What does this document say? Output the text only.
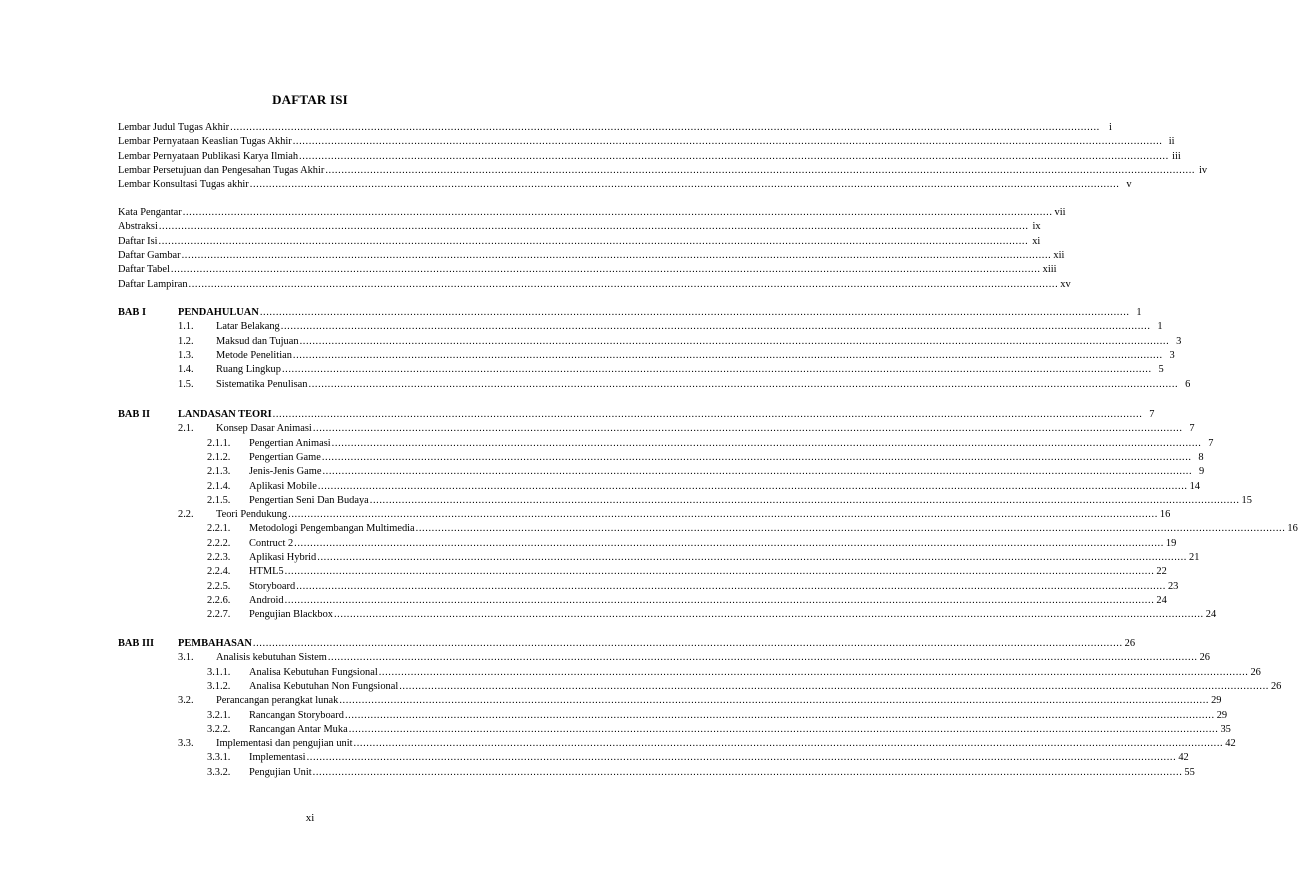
DAFTAR ISI
Lembar Judul Tugas Akhir ................................................................................................................................................................................................................................................................................ i
Lembar Pernyataan Keaslian Tugas Akhir ................................................................................................................................................................................................................................................................................ ii
Lembar Pernyataan Publikasi Karya Ilmiah ................................................................................................................................................................................................................................................................................ iii
Lembar Persetujuan dan Pengesahan Tugas Akhir ................................................................................................................................................................................................................................................................................ iv
Lembar Konsultasi Tugas akhir ................................................................................................................................................................................................................................................................................ v
Kata Pengantar ................................................................................................................................................................................................................................................................................ vii
Abstraksi ................................................................................................................................................................................................................................................................................ ix
Daftar Isi ................................................................................................................................................................................................................................................................................ xi
Daftar Gambar ................................................................................................................................................................................................................................................................................ xii
Daftar Tabel ................................................................................................................................................................................................................................................................................ xiii
Daftar Lampiran ................................................................................................................................................................................................................................................................................ xv
BAB I	PENDAHULUAN ................................................................................................................................................................................................................................................................................ 1
1.1. Latar Belakang ................................................................................................................................................................................................................................................................................ 1
1.2. Maksud dan Tujuan ................................................................................................................................................................................................................................................................................ 3
1.3. Metode Penelitian ................................................................................................................................................................................................................................................................................ 3
1.4. Ruang Lingkup ................................................................................................................................................................................................................................................................................ 5
1.5. Sistematika Penulisan ................................................................................................................................................................................................................................................................................ 6
BAB II	LANDASAN TEORI ................................................................................................................................................................................................................................................................................ 7
2.1. Konsep Dasar Animasi ................................................................................................................................................................................................................................................................................ 7
2.1.1. Pengertian Animasi ................................................................................................................................................................................................................................................................................ 7
2.1.2. Pengertian Game ................................................................................................................................................................................................................................................................................ 8
2.1.3. Jenis-Jenis Game ................................................................................................................................................................................................................................................................................ 9
2.1.4. Aplikasi Mobile ................................................................................................................................................................................................................................................................................ 14
2.1.5. Pengertian Seni Dan Budaya ................................................................................................................................................................................................................................................................................ 15
2.2. Teori Pendukung ................................................................................................................................................................................................................................................................................ 16
2.2.1. Metodologi Pengembangan Multimedia ................................................................................................................................................................................................................................................................................ 16
2.2.2. Contruct 2 ................................................................................................................................................................................................................................................................................ 19
2.2.3. Aplikasi Hybrid ................................................................................................................................................................................................................................................................................ 21
2.2.4. HTML5 ................................................................................................................................................................................................................................................................................ 22
2.2.5. Storyboard ................................................................................................................................................................................................................................................................................ 23
2.2.6. Android ................................................................................................................................................................................................................................................................................ 24
2.2.7. Pengujian Blackbox ................................................................................................................................................................................................................................................................................ 24
BAB III	PEMBAHASAN ................................................................................................................................................................................................................................................................................ 26
3.1. Analisis kebutuhan Sistem ................................................................................................................................................................................................................................................................................ 26
3.1.1. Analisa Kebutuhan Fungsional ................................................................................................................................................................................................................................................................................ 26
3.1.2. Analisa Kebutuhan Non Fungsional ................................................................................................................................................................................................................................................................................ 26
3.2. Perancangan perangkat lunak ................................................................................................................................................................................................................................................................................ 29
3.2.1. Rancangan Storyboard ................................................................................................................................................................................................................................................................................ 29
3.2.2. Rancangan Antar Muka ................................................................................................................................................................................................................................................................................ 35
3.3. Implementasi dan pengujian unit ................................................................................................................................................................................................................................................................................ 42
3.3.1. Implementasi ................................................................................................................................................................................................................................................................................ 42
3.3.2. Pengujian Unit ................................................................................................................................................................................................................................................................................ 55
xi
